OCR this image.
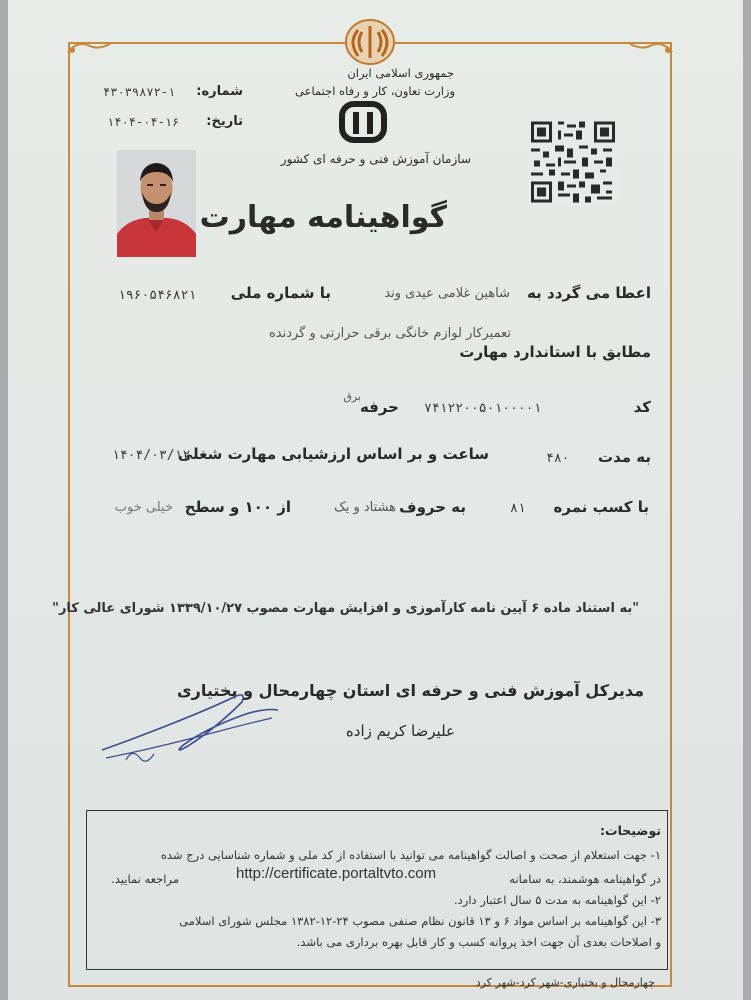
جمهوری اسلامی ایران
وزارت تعاون، کار و رفاه اجتماعی
سازمان آموزش فنی و حرفه ای کشور
شماره:
۴۳۰۳۹۸۷۲-۱
تاریخ:
۱۴۰۴-۰۴-۱۶
گواهینامه مهارت
اعطا می گردد به
شاهین غلامی عیدی وند
با شماره ملی
۱۹۶۰۵۴۶۸۲۱
تعمیرکار لوازم خانگی برقی حرارتی و گردنده
مطابق با استاندارد مهارت
کد
۷۴۱۲۲۰۰۵۰۱۰۰۰۰۱
حرفه
برق
به مدت
۴۸۰
ساعت و بر اساس ارزشیابی مهارت شغلی
۱۴۰۴/۰۳/۱۲
با کسب نمره
۸۱
به حروف
هشتاد و یک
از ۱۰۰ و سطح
خیلی خوب
"به استناد ماده ۶ آیین نامه کارآموزی و افزایش مهارت مصوب ۱۳۳۹/۱۰/۲۷ شورای عالی کار"
مدیرکل آموزش فنی و حرفه ای استان چهارمحال و بختیاری
علیرضا کریم زاده
توضیحات:
۱- جهت استعلام از صحت و اصالت گواهینامه می توانید با استفاده از کد ملی و شماره شناسایی درج شده
در گواهینامه هوشمند، به سامانه
http://certificate.portaltvto.com
مراجعه نمایید.
۲- این گواهینامه به مدت ۵ سال اعتبار دارد.
۳- این گواهینامه بر اساس مواد ۶ و ۱۳ قانون نظام صنفی مصوب ۲۴-۱۲-۱۳۸۲ مجلس شورای اسلامی
و اصلاحات بعدی آن جهت اخذ پروانه کسب و کار قابل بهره برداری می باشد.
چهارمحال و بختیاری-شهر کرد-شهر کرد
